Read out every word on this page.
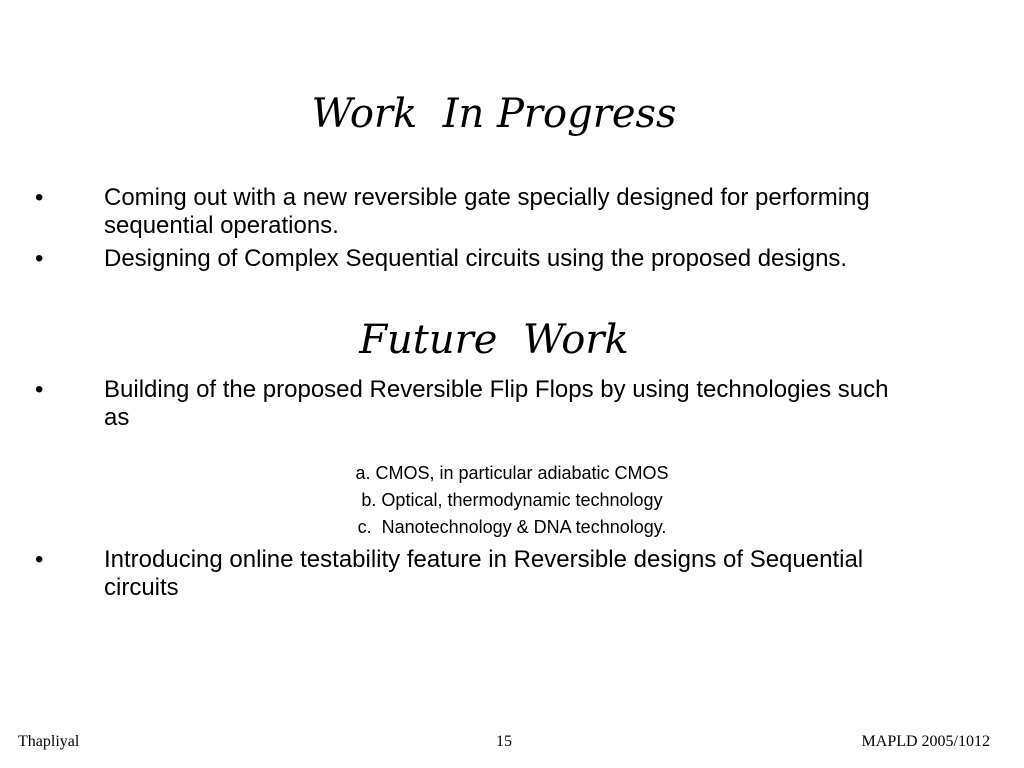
Work  In Progress
•	Coming out with a new reversible gate specially designed for performing sequential operations.
•	Designing of Complex Sequential circuits using the proposed designs.
Future  Work
•	Building of the proposed Reversible Flip Flops by using technologies such as
a. CMOS, in particular adiabatic CMOS
b. Optical, thermodynamic technology
c.  Nanotechnology & DNA technology.
•	Introducing online testability feature in Reversible designs of Sequential circuits
Thapliyal	15	MAPLD 2005/1012
